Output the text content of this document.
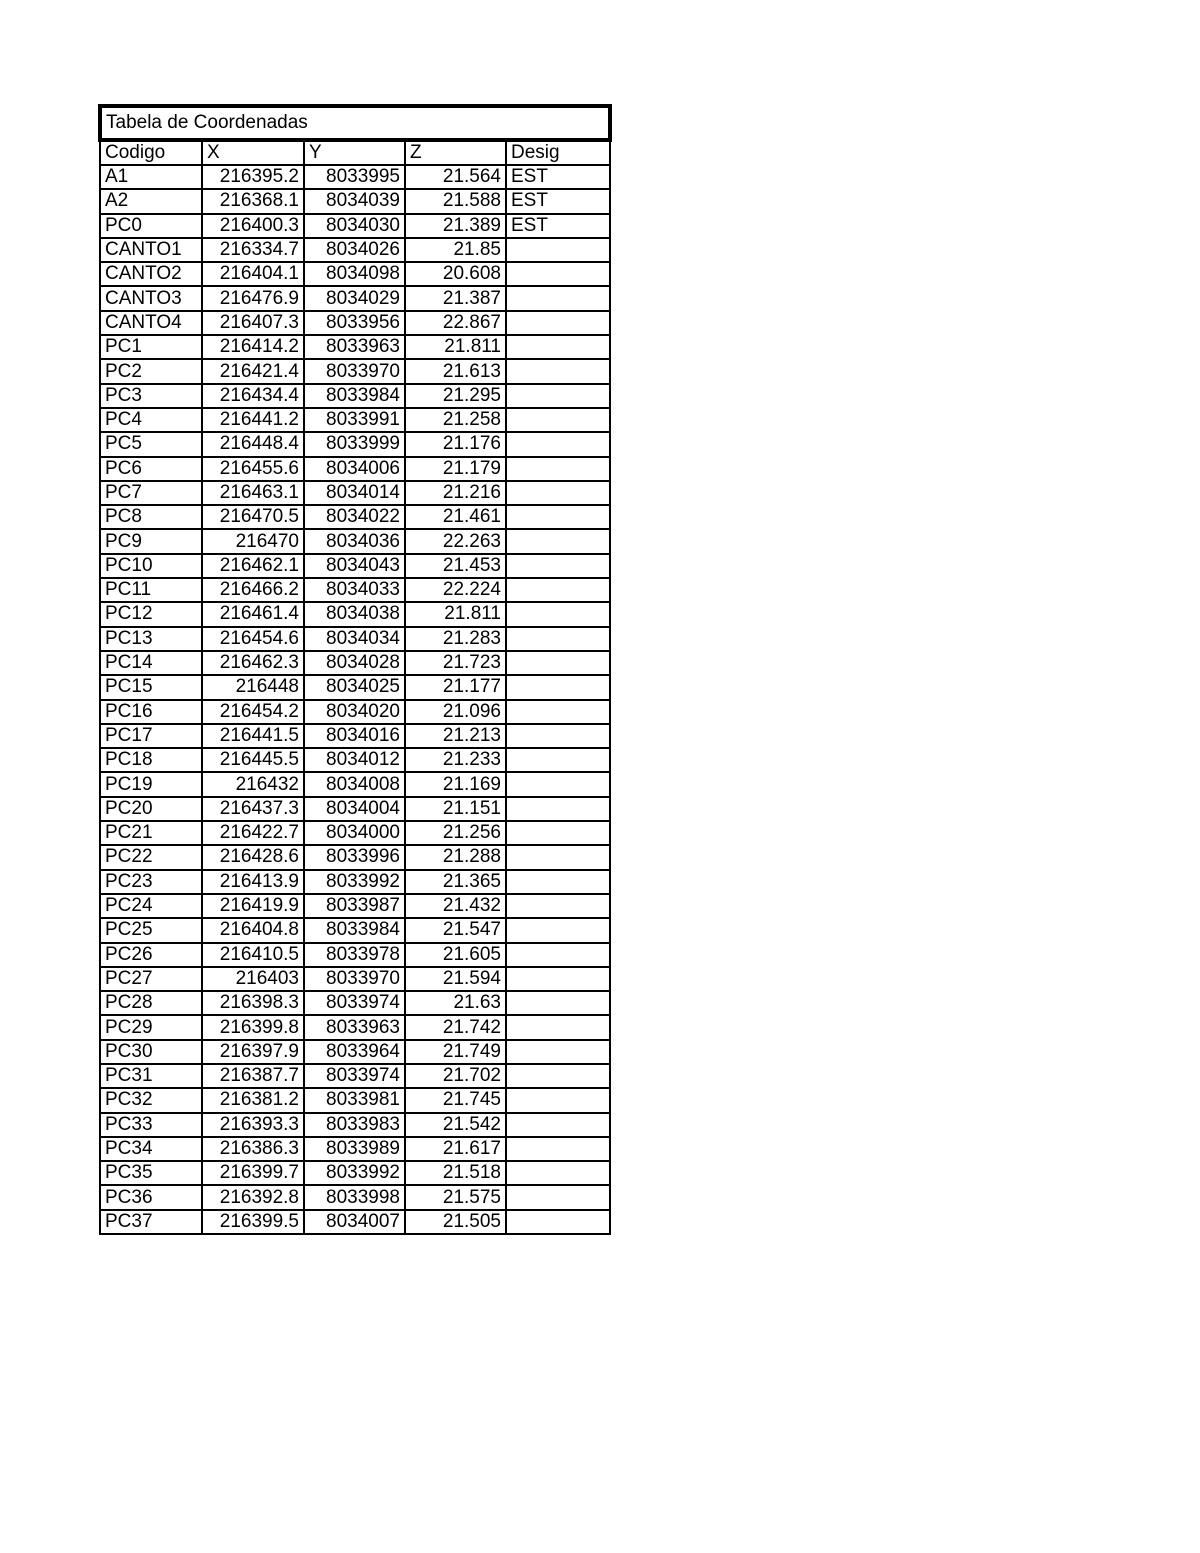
Tabela de Coordenadas				
Codigo	X	Y	Z	Desig
A1	216395.2	8033995	21.564	EST
A2	216368.1	8034039	21.588	EST
PC0	216400.3	8034030	21.389	EST
CANTO1	216334.7	8034026	21.85	
CANTO2	216404.1	8034098	20.608	
CANTO3	216476.9	8034029	21.387	
CANTO4	216407.3	8033956	22.867	
PC1	216414.2	8033963	21.811	
PC2	216421.4	8033970	21.613	
PC3	216434.4	8033984	21.295	
PC4	216441.2	8033991	21.258	
PC5	216448.4	8033999	21.176	
PC6	216455.6	8034006	21.179	
PC7	216463.1	8034014	21.216	
PC8	216470.5	8034022	21.461	
PC9	216470	8034036	22.263	
PC10	216462.1	8034043	21.453	
PC11	216466.2	8034033	22.224	
PC12	216461.4	8034038	21.811	
PC13	216454.6	8034034	21.283	
PC14	216462.3	8034028	21.723	
PC15	216448	8034025	21.177	
PC16	216454.2	8034020	21.096	
PC17	216441.5	8034016	21.213	
PC18	216445.5	8034012	21.233	
PC19	216432	8034008	21.169	
PC20	216437.3	8034004	21.151	
PC21	216422.7	8034000	21.256	
PC22	216428.6	8033996	21.288	
PC23	216413.9	8033992	21.365	
PC24	216419.9	8033987	21.432	
PC25	216404.8	8033984	21.547	
PC26	216410.5	8033978	21.605	
PC27	216403	8033970	21.594	
PC28	216398.3	8033974	21.63	
PC29	216399.8	8033963	21.742	
PC30	216397.9	8033964	21.749	
PC31	216387.7	8033974	21.702	
PC32	216381.2	8033981	21.745	
PC33	216393.3	8033983	21.542	
PC34	216386.3	8033989	21.617	
PC35	216399.7	8033992	21.518	
PC36	216392.8	8033998	21.575	
PC37	216399.5	8034007	21.505	
